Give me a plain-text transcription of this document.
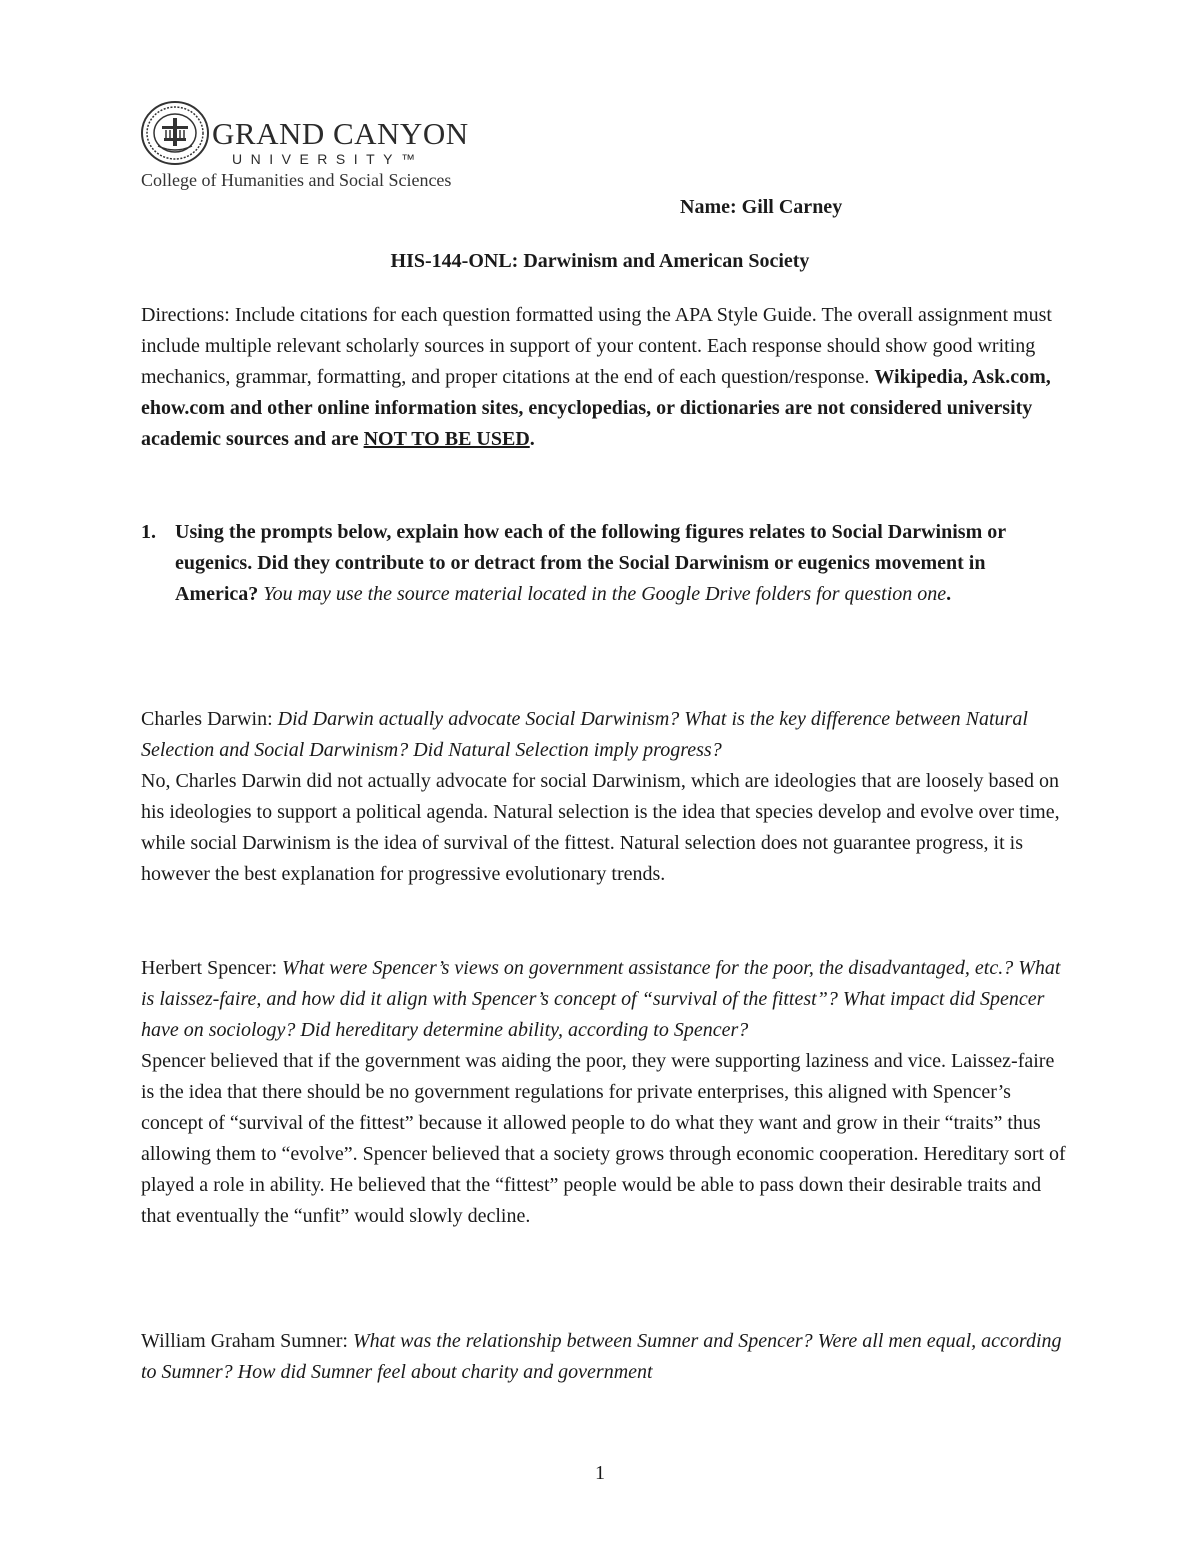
GRAND CANYON
UNIVERSITY™
College of Humanities and Social Sciences
Name: Gill Carney
HIS-144-ONL: Darwinism and American Society
Directions: Include citations for each question formatted using the APA Style Guide. The overall assignment must include multiple relevant scholarly sources in support of your content. Each response should show good writing mechanics, grammar, formatting, and proper citations at the end of each question/response. Wikipedia, Ask.com, ehow.com and other online information sites, encyclopedias, or dictionaries are not considered university academic sources and are NOT TO BE USED.
1. Using the prompts below, explain how each of the following figures relates to Social Darwinism or eugenics. Did they contribute to or detract from the Social Darwinism or eugenics movement in America? You may use the source material located in the Google Drive folders for question one.
Charles Darwin: Did Darwin actually advocate Social Darwinism? What is the key difference between Natural Selection and Social Darwinism? Did Natural Selection imply progress?
No, Charles Darwin did not actually advocate for social Darwinism, which are ideologies that are loosely based on his ideologies to support a political agenda. Natural selection is the idea that species develop and evolve over time, while social Darwinism is the idea of survival of the fittest. Natural selection does not guarantee progress, it is however the best explanation for progressive evolutionary trends.
Herbert Spencer: What were Spencer’s views on government assistance for the poor, the disadvantaged, etc.? What is laissez-faire, and how did it align with Spencer’s concept of “survival of the fittest”? What impact did Spencer have on sociology? Did hereditary determine ability, according to Spencer?
Spencer believed that if the government was aiding the poor, they were supporting laziness and vice. Laissez-faire is the idea that there should be no government regulations for private enterprises, this aligned with Spencer’s concept of “survival of the fittest” because it allowed people to do what they want and grow in their “traits” thus allowing them to “evolve”. Spencer believed that a society grows through economic cooperation. Hereditary sort of played a role in ability. He believed that the “fittest” people would be able to pass down their desirable traits and that eventually the “unfit” would slowly decline.
William Graham Sumner: What was the relationship between Sumner and Spencer? Were all men equal, according to Sumner? How did Sumner feel about charity and government
1
